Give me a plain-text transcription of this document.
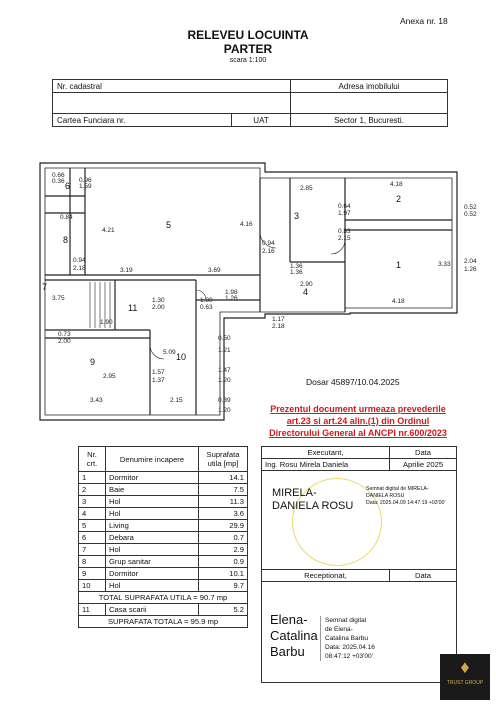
Anexa nr. 18
RELEVEU LOCUINTA
PARTER
scara 1:100
Nr. cadastral		Adresa imobilului

Cartea Funciara nr.	UAT	Sector 1, Bucuresti.
6
8
5
3
2
1
4
11
7
9	10
0.66
0.36 0.96
1.59
0.84
4.21
0.94
2.18	3.19	3.69
4.16
0.94
2.16
2.85
4.18
0.52
0.52
0.64
1.97
0.83
2.15
3.33 2.04
1.26
1.36
1.36
2.90
4.18
1.30
2.00
1.30
0.63
1.98
1.26
1.17
2.18
0.73
2.00
1.90
0.50
1.21
5.09
1.57
1.37
1.47
1.20
2.95
3.43	2.15	0.39
1.20
3.75
Dosar 45897/10.04.2025
Prezentul document urmeaza prevederile
art.23 si art.24 alin.(1) din Ordinul
Directorului General al ANCPI nr.600/2023
Nr. crt.	Denumire incapere	Suprafata utila [mp]
1	Dormitor	14.1
2	Baie	7.5
3	Hol	11.3
4	Hol	3.6
5	Living	29.9
6	Debara	0.7
7	Hol	2.9
8	Grup sanitar	0.9
9	Dormitor	10.1
10	Hol	9.7
TOTAL SUPRAFATA UTILA = 90.7 mp		
11	Casa scarii	5.2
SUPRAFATA TOTALA = 95.9 mp		
Executant,	Data
Ing. Rosu Mirela Daniela	Aprilie 2025

Receptionat,	Data

MIRELA-
DANIELA ROSU
Semnat digital de MIRELA-
DANIELA ROSU
Data: 2025.04.09 14:47:19 +03'00'
Elena-
Catalina
Barbu
Semnat digital
de Elena-
Catalina Barbu
Data: 2025.04.16
08:47:12 +03'00'
♦
TRUST GROUP
